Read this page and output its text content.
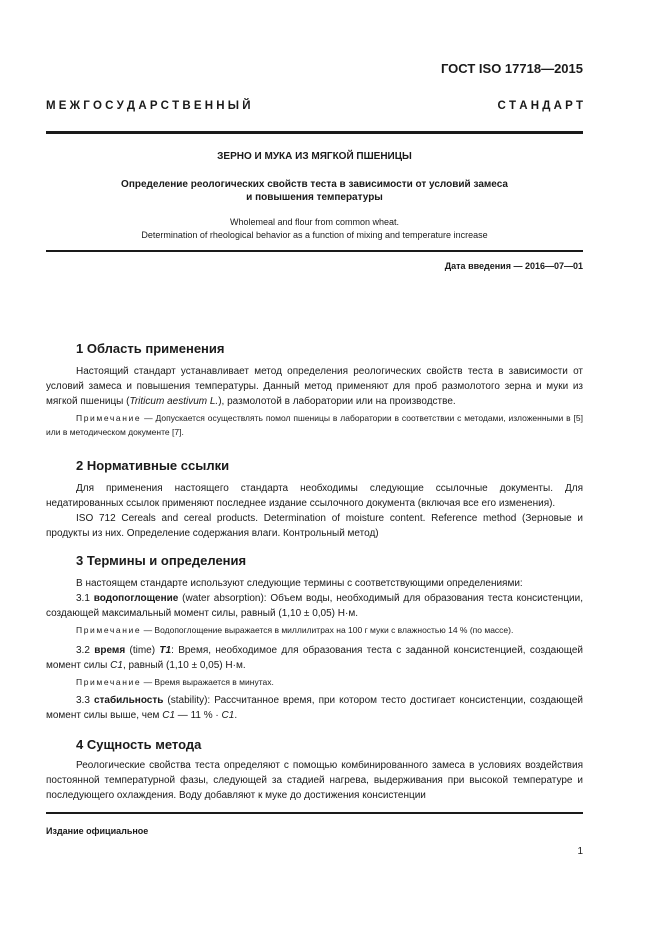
ГОСТ ISO 17718—2015
М Е Ж Г О С У Д А Р С Т В Е Н Н Ы Й	С Т А Н Д А Р Т
ЗЕРНО И МУКА ИЗ МЯГКОЙ ПШЕНИЦЫ
Определение реологических свойств теста в зависимости от условий замеса
и повышения температуры
Wholemeal and flour from common wheat.
Determination of rheological behavior as a function of mixing and temperature increase
Дата введения — 2016—07—01
1 Область применения
Настоящий стандарт устанавливает метод определения реологических свойств теста в зависимости от условий замеса и повышения температуры. Данный метод применяют для проб размолотого зерна и муки из мягкой пшеницы (Triticum aestivum L.), размолотой в лаборатории или на производстве.
Примечание — Допускается осуществлять помол пшеницы в лаборатории в соответствии с методами, изложенными в [5] или в методическом документе [7].
2 Нормативные ссылки
Для применения настоящего стандарта необходимы следующие ссылочные документы. Для недатированных ссылок применяют последнее издание ссылочного документа (включая все его изменения).
ISO 712 Cereals and cereal products. Determination of moisture content. Reference method (Зерновые и продукты из них. Определение содержания влаги. Контрольный метод)
3 Термины и определения
В настоящем стандарте используют следующие термины с соответствующими определениями:
3.1 водопоглощение (water absorption): Объем воды, необходимый для образования теста консистенции, создающей максимальный момент силы, равный (1,10 ± 0,05) Н·м.
Примечание — Водопоглощение выражается в миллилитрах на 100 г муки с влажностью 14 % (по массе).
3.2 время (time) T1: Время, необходимое для образования теста с заданной консистенцией, создающей момент силы C1, равный (1,10 ± 0,05) Н·м.
Примечание — Время выражается в минутах.
3.3 стабильность (stability): Рассчитанное время, при котором тесто достигает консистенции, создающей момент силы выше, чем C1 — 11 % · C1.
4 Сущность метода
Реологические свойства теста определяют с помощью комбинированного замеса в условиях воздействия постоянной температурной фазы, следующей за стадией нагрева, выдерживания при высокой температуре и последующего охлаждения. Воду добавляют к муке до достижения консистенции
Издание официальное
1
